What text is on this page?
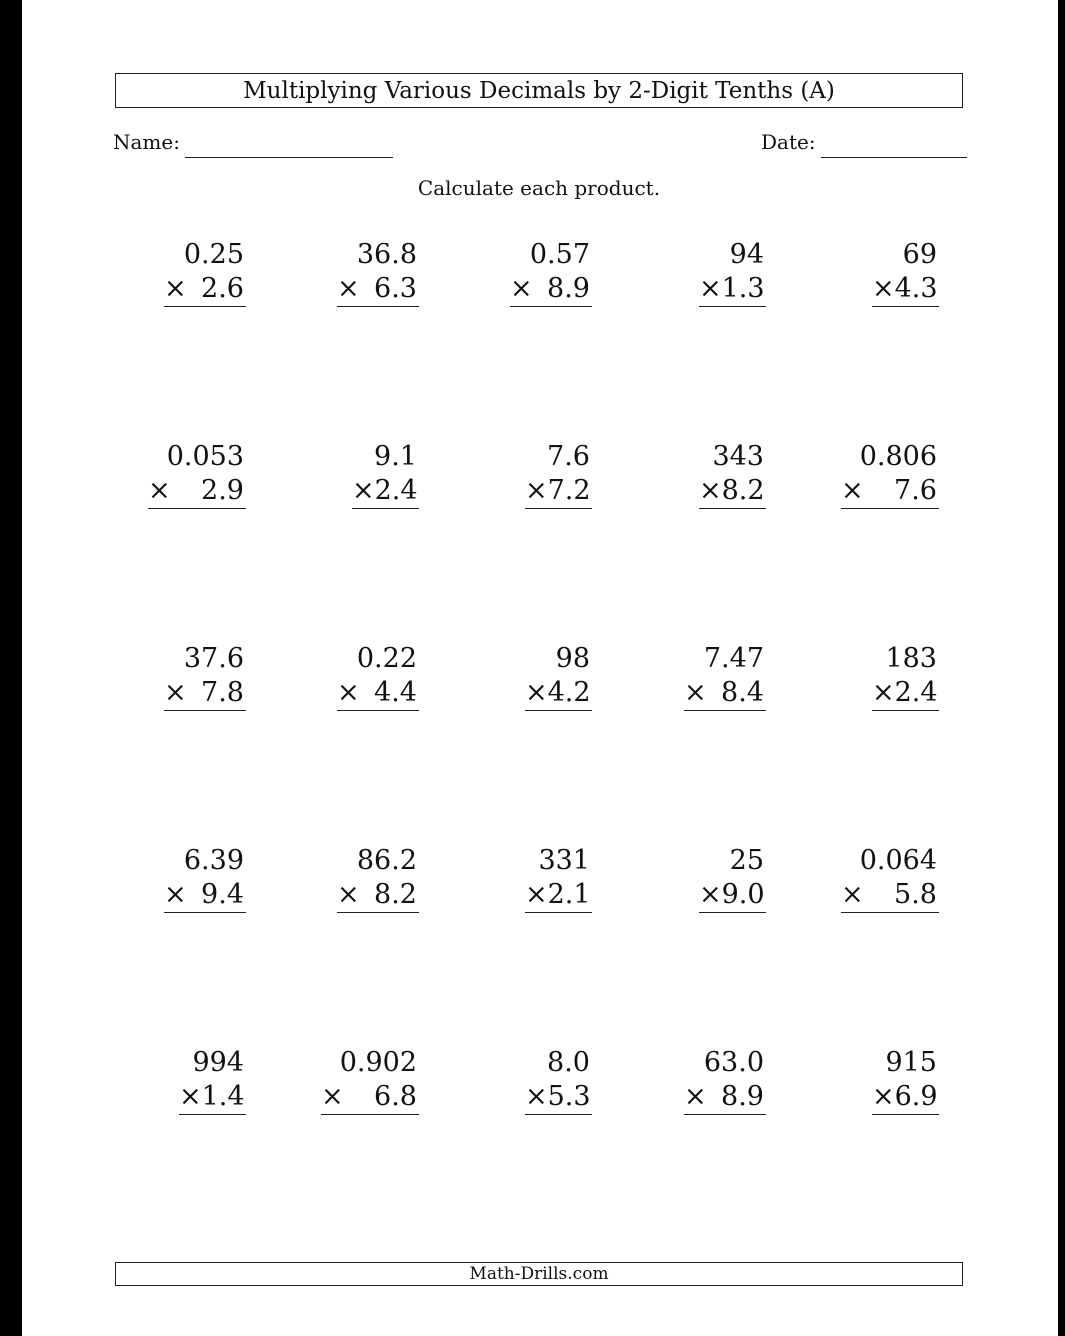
Multiplying Various Decimals by 2-Digit Tenths (A)
Name:	Date:
Calculate each product.
0.25
× 2.6
36.8
× 6.3
0.57
× 8.9
94
× 1.3
69
× 4.3
0.053
× 2.9
9.1
× 2.4
7.6
× 7.2
343
× 8.2
0.806
× 7.6
37.6
× 7.8
0.22
× 4.4
98
× 4.2
7.47
× 8.4
183
× 2.4
6.39
× 9.4
86.2
× 8.2
331
× 2.1
25
× 9.0
0.064
× 5.8
994
× 1.4
0.902
× 6.8
8.0
× 5.3
63.0
× 8.9
915
× 6.9
Math-Drills.com
